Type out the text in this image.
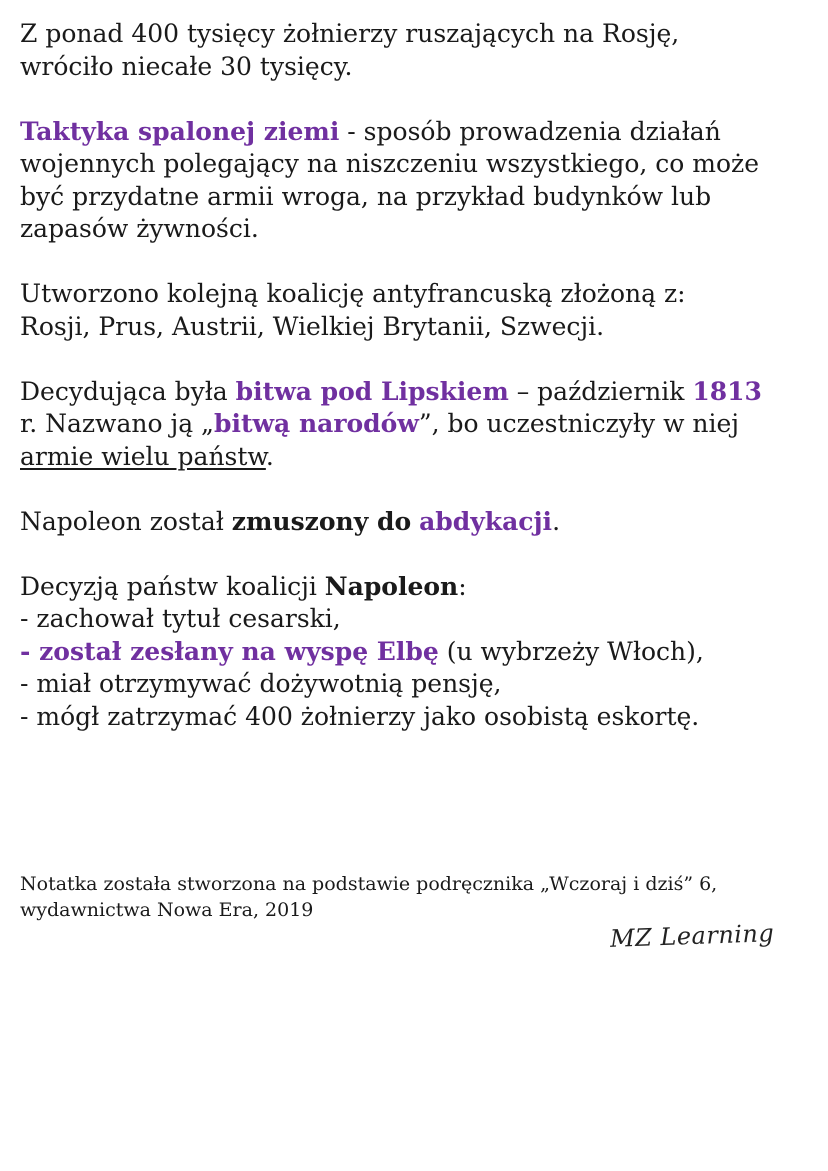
Z ponad 400 tysięcy żołnierzy ruszających na Rosję,
wróciło niecałe 30 tysięcy.

Taktyka spalonej ziemi - sposób prowadzenia działań
wojennych polegający na niszczeniu wszystkiego, co może
być przydatne armii wroga, na przykład budynków lub
zapasów żywności.

Utworzono kolejną koalicję antyfrancuską złożoną z:
Rosji, Prus, Austrii, Wielkiej Brytanii, Szwecji.

Decydująca była bitwa pod Lipskiem – październik 1813
r. Nazwano ją „bitwą narodów”, bo uczestniczyły w niej
armie wielu państw.

Napoleon został zmuszony do abdykacji.

Decyzją państw koalicji Napoleon:
- zachował tytuł cesarski,
- został zesłany na wyspę Elbę (u wybrzeży Włoch),
- miał otrzymywać dożywotnią pensję,
- mógł zatrzymać 400 żołnierzy jako osobistą eskortę.
Notatka została stworzona na podstawie podręcznika „Wczoraj i dziś” 6,
wydawnictwa Nowa Era, 2019
MZ Learning
